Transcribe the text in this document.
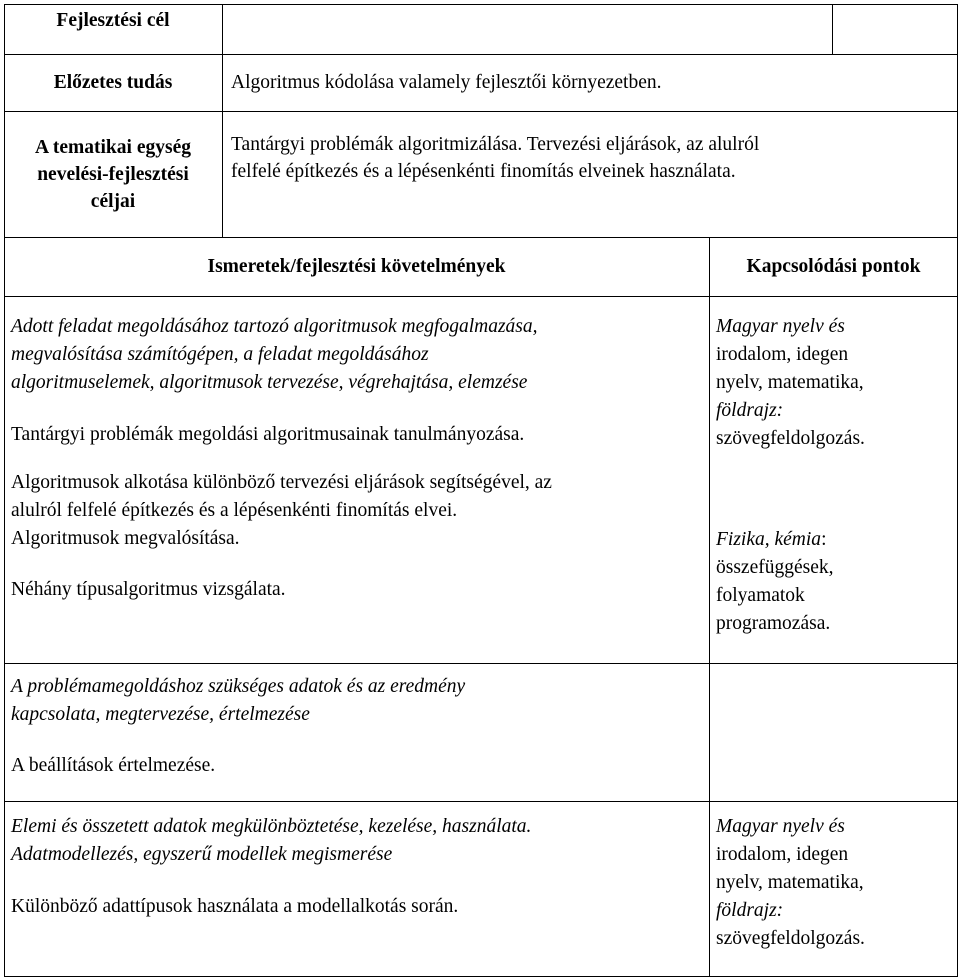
Fejlesztési cél
Előzetes tudás	Algoritmus kódolása valamely fejlesztői környezetben.
A tematikai egység
nevelési-fejlesztési
céljai
Tantárgyi problémák algoritmizálása. Tervezési eljárások, az alulról
felfelé építkezés és a lépésenkénti finomítás elveinek használata.
Ismeretek/fejlesztési követelmények	Kapcsolódási pontok
Adott feladat megoldásához tartozó algoritmusok megfogalmazása,
megvalósítása számítógépen, a feladat megoldásához
algoritmuselemek, algoritmusok tervezése, végrehajtása, elemzése
Tantárgyi problémák megoldási algoritmusainak tanulmányozása.
Algoritmusok alkotása különböző tervezési eljárások segítségével, az
alulról felfelé építkezés és a lépésenkénti finomítás elvei.
Algoritmusok megvalósítása.
Néhány típusalgoritmus vizsgálata.
Magyar nyelv és
irodalom, idegen
nyelv, matematika,
földrajz:
szövegfeldolgozás.
Fizika, kémia:
összefüggések,
folyamatok
programozása.
A problémamegoldáshoz szükséges adatok és az eredmény
kapcsolata, megtervezése, értelmezése
A beállítások értelmezése.
Elemi és összetett adatok megkülönböztetése, kezelése, használata.
Adatmodellezés, egyszerű modellek megismerése
Különböző adattípusok használata a modellalkotás során.
Magyar nyelv és
irodalom, idegen
nyelv, matematika,
földrajz:
szövegfeldolgozás.
